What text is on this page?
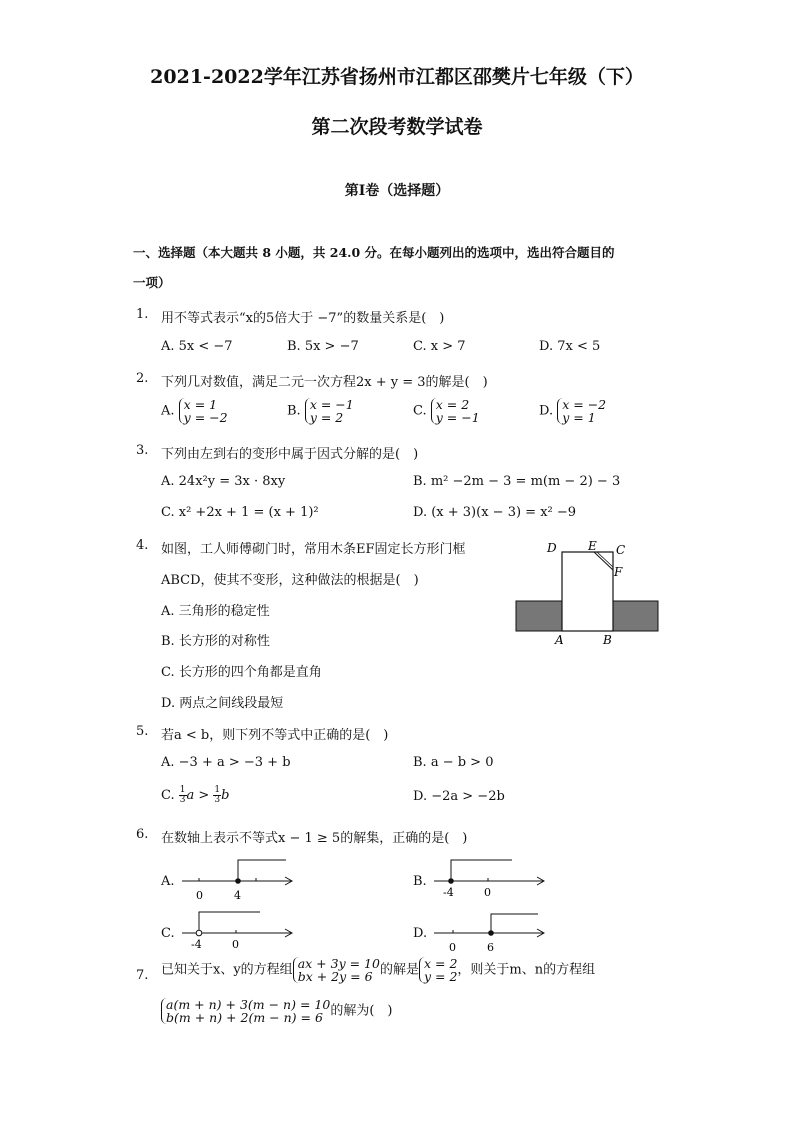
2021-2022学年江苏省扬州市江都区邵樊片七年级（下）
第二次段考数学试卷
第I卷（选择题）
一、选择题（本大题共 8 小题，共 24.0 分。在每小题列出的选项中，选出符合题目的
一项）
1. 用不等式表示“x的5倍大于 −7”的数量关系是(　)
A. 5x < −7	B. 5x > −7	C. x > 7	D. 7x < 5
2. 下列几对数值，满足二元一次方程2x + y = 3的解是(　)
A. x = 1
y = −2	B. x = −1
y = 2	C. x = 2
y = −1	D. x = −2
y = 1
3. 下列由左到右的变形中属于因式分解的是(　)
A. 24x²y = 3x · 8xy	B. m² −2m − 3 = m(m − 2) − 3
C. x² +2x + 1 = (x + 1)²	D. (x + 3)(x − 3) = x² −9
4. 如图，工人师傅砌门时，常用木条EF固定长方形门框
ABCD，使其不变形，这种做法的根据是(　)
A. 三角形的稳定性
B. 长方形的对称性
C. 长方形的四个角都是直角
D. 两点之间线段最短
D	E C
F
A	B
5. 若a < b，则下列不等式中正确的是(　)
A. −3 + a > −3 + b	B. a − b > 0
C. $\frac{1}{3}$ $a > \frac{1}{3}$ b	D. −2a > −2b
6. 在数轴上表示不等式x − 1 ≥ 5的解集，正确的是(　)
A.
0	4
B.
-4	0
C.
-4	0
D.
0	6
7. 已知关于x、y的方程组 ax + 3y = 10
bx + 2y = 6 的解是 x = 2
y = 2 ，则关于m、n的方程组
a(m + n) + 3(m − n) = 10
b(m + n) + 2(m − n) = 6 的解为(　)
